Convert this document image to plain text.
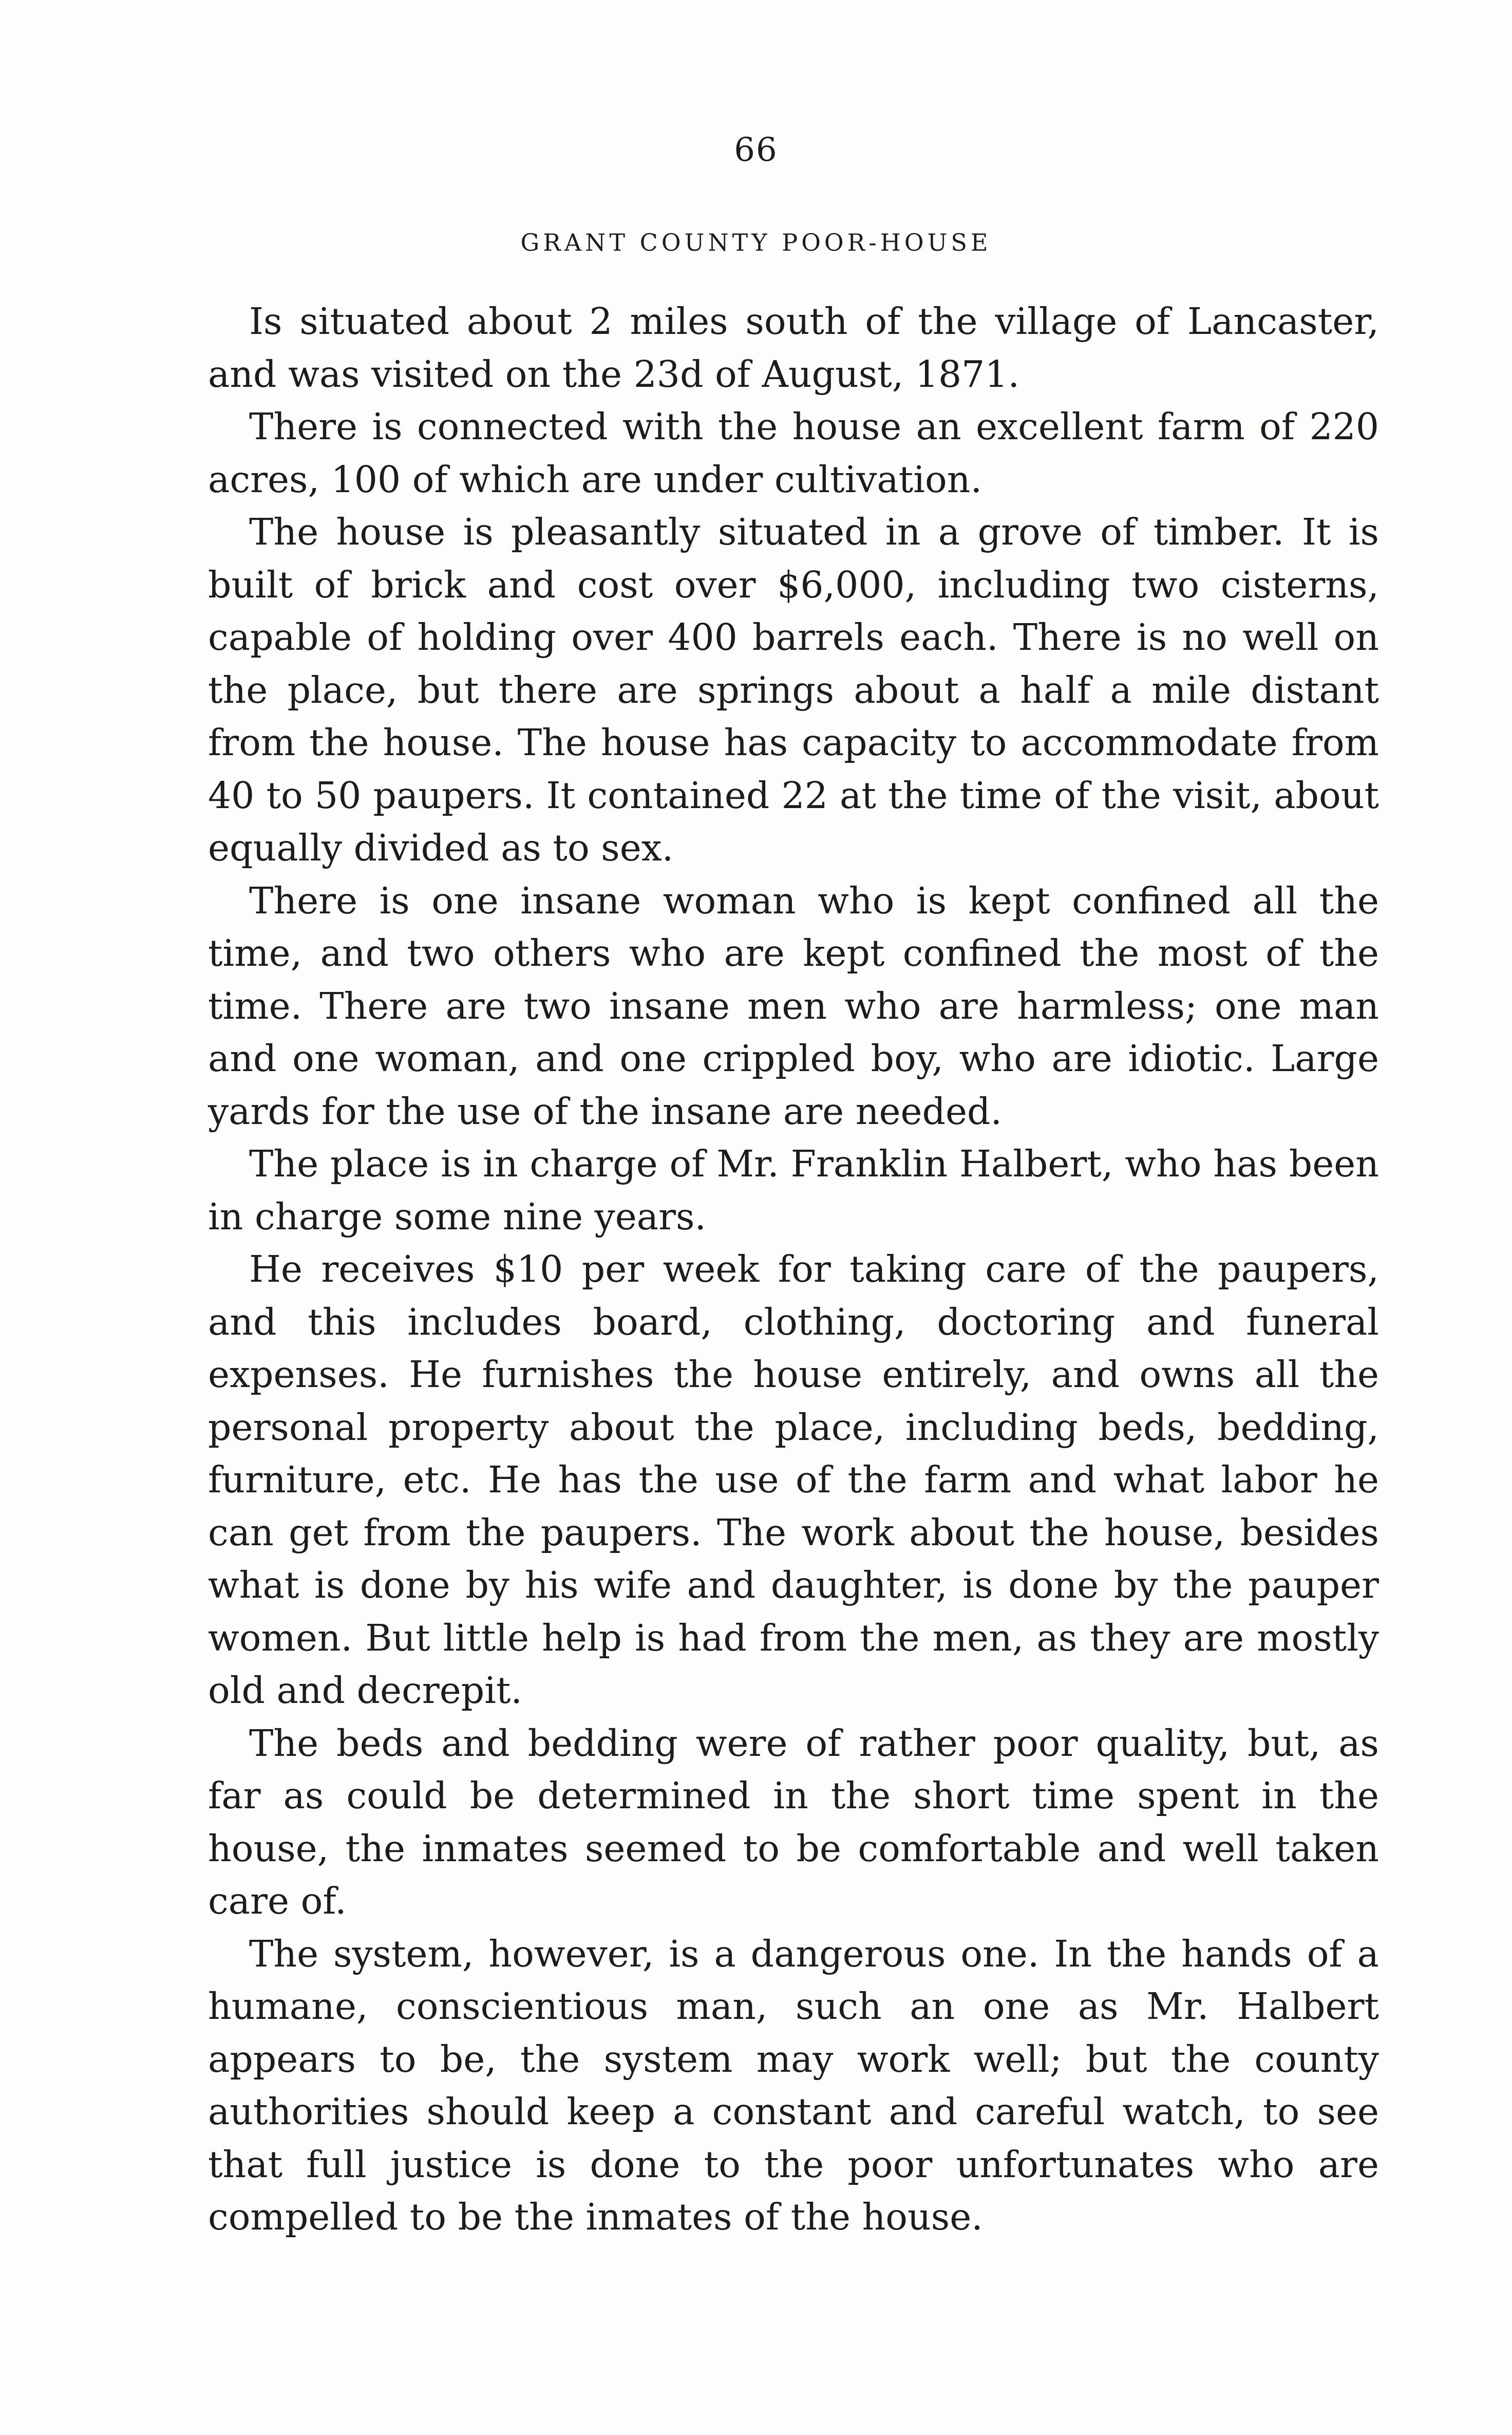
66
GRANT COUNTY POOR-HOUSE

Is situated about 2 miles south of the village of Lancaster, and was visited on the 23d of August, 1871.

There is connected with the house an excellent farm of 220 acres, 100 of which are under cultivation.

The house is pleasantly situated in a grove of timber. It is built of brick and cost over $6,000, including two cisterns, capable of holding over 400 barrels each. There is no well on the place, but there are springs about a half a mile distant from the house. The house has capacity to accommodate from 40 to 50 paupers. It contained 22 at the time of the visit, about equally divided as to sex.

There is one insane woman who is kept confined all the time, and two others who are kept confined the most of the time. There are two insane men who are harmless; one man and one woman, and one crippled boy, who are idiotic. Large yards for the use of the insane are needed.

The place is in charge of Mr. Franklin Halbert, who has been in charge some nine years.

He receives $10 per week for taking care of the paupers, and this includes board, clothing, doctoring and funeral expenses. He furnishes the house entirely, and owns all the personal property about the place, including beds, bedding, furniture, etc. He has the use of the farm and what labor he can get from the paupers. The work about the house, besides what is done by his wife and daughter, is done by the pauper women. But little help is had from the men, as they are mostly old and decrepit.

The beds and bedding were of rather poor quality, but, as far as could be determined in the short time spent in the house, the inmates seemed to be comfortable and well taken care of.

The system, however, is a dangerous one. In the hands of a humane, conscientious man, such an one as Mr. Halbert appears to be, the system may work well; but the county authorities should keep a constant and careful watch, to see that full justice is done to the poor unfortunates who are compelled to be the inmates of the house.
